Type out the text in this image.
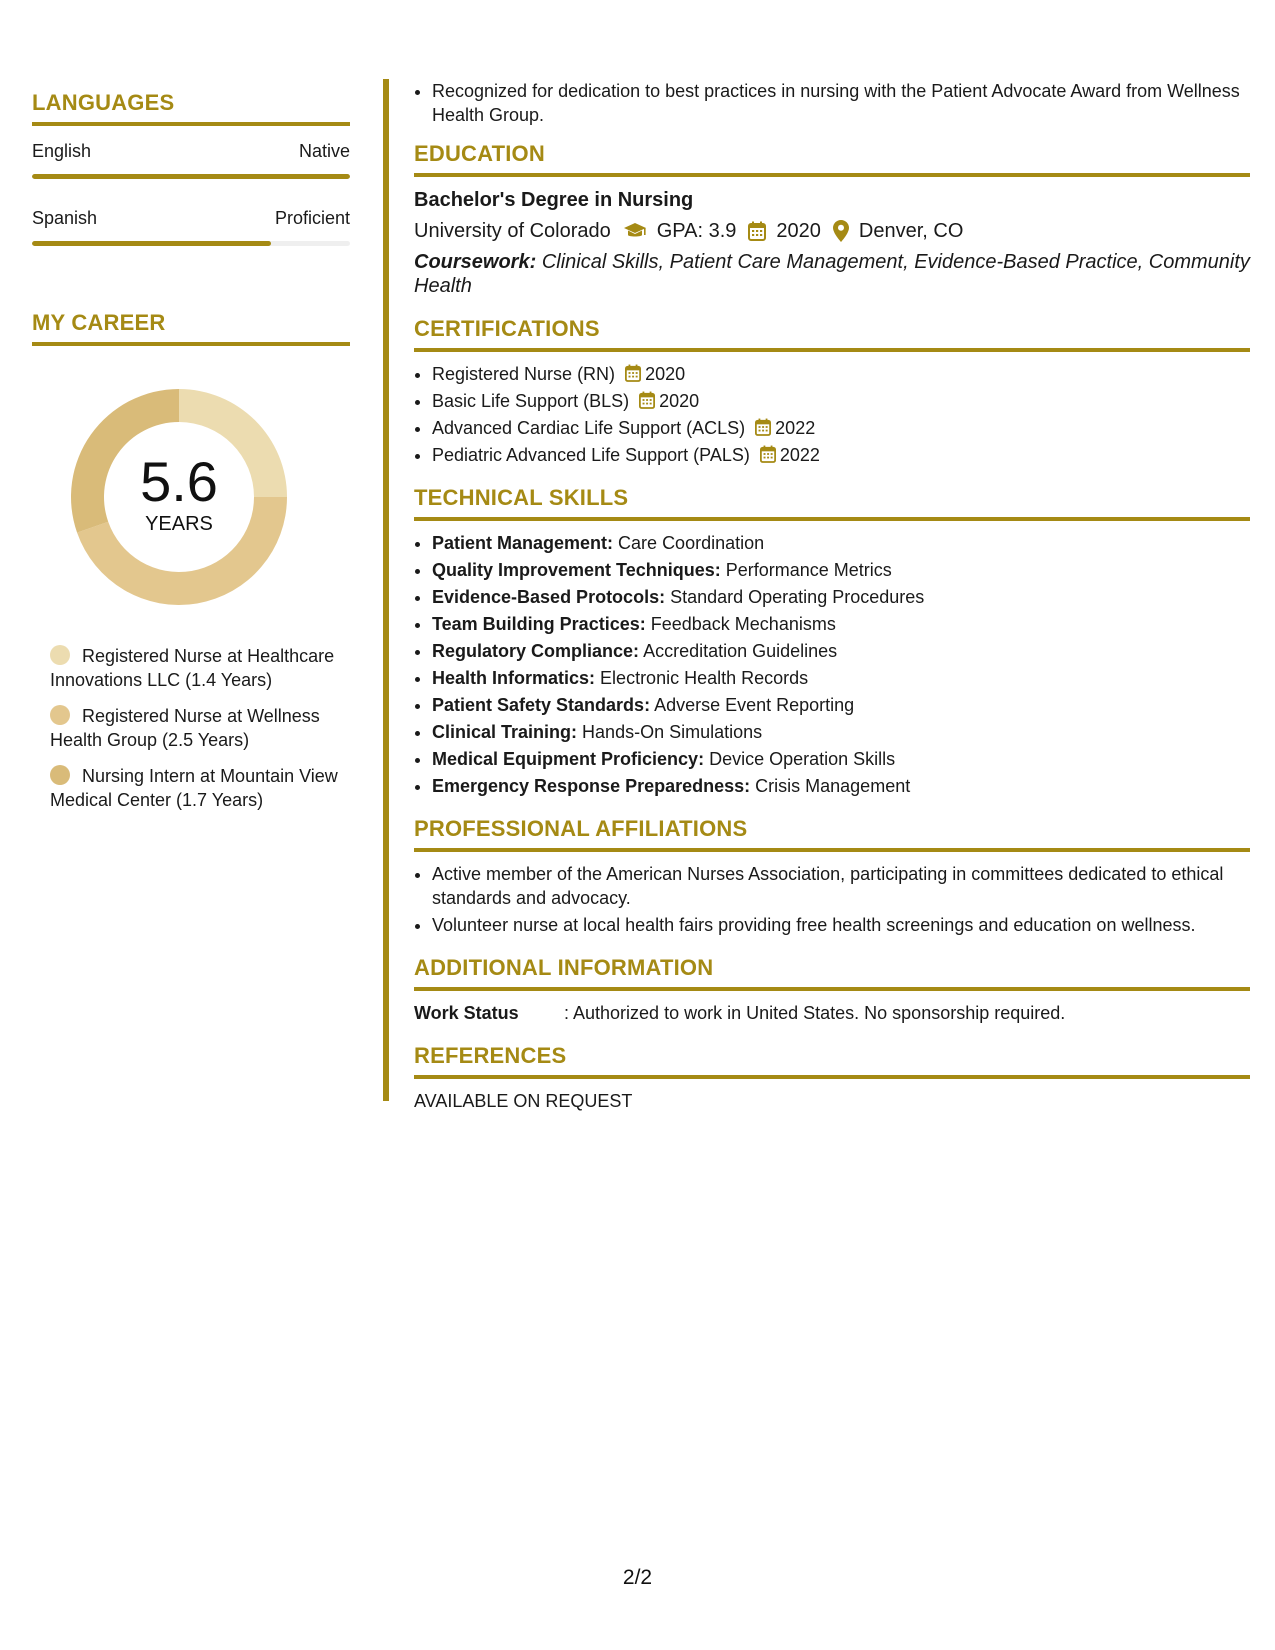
LANGUAGES
English	Native
Spanish	Proficient
MY CAREER
5.6
YEARS
Registered Nurse at Healthcare Innovations LLC (1.4 Years)
Registered Nurse at Wellness Health Group (2.5 Years)
Nursing Intern at Mountain View Medical Center (1.7 Years)
• Recognized for dedication to best practices in nursing with the Patient Advocate Award from Wellness Health Group.
EDUCATION
Bachelor's Degree in Nursing
University of Colorado GPA: 3.9 2020 Denver, CO
Coursework: Clinical Skills, Patient Care Management, Evidence-Based Practice, Community Health
CERTIFICATIONS
• Registered Nurse (RN) 2020
• Basic Life Support (BLS) 2020
• Advanced Cardiac Life Support (ACLS) 2022
• Pediatric Advanced Life Support (PALS) 2022
TECHNICAL SKILLS
• Patient Management: Care Coordination
• Quality Improvement Techniques: Performance Metrics
• Evidence-Based Protocols: Standard Operating Procedures
• Team Building Practices: Feedback Mechanisms
• Regulatory Compliance: Accreditation Guidelines
• Health Informatics: Electronic Health Records
• Patient Safety Standards: Adverse Event Reporting
• Clinical Training: Hands-On Simulations
• Medical Equipment Proficiency: Device Operation Skills
• Emergency Response Preparedness: Crisis Management
PROFESSIONAL AFFILIATIONS
• Active member of the American Nurses Association, participating in committees dedicated to ethical standards and advocacy.
• Volunteer nurse at local health fairs providing free health screenings and education on wellness.
ADDITIONAL INFORMATION
Work Status	: Authorized to work in United States. No sponsorship required.
REFERENCES
AVAILABLE ON REQUEST
2/2
